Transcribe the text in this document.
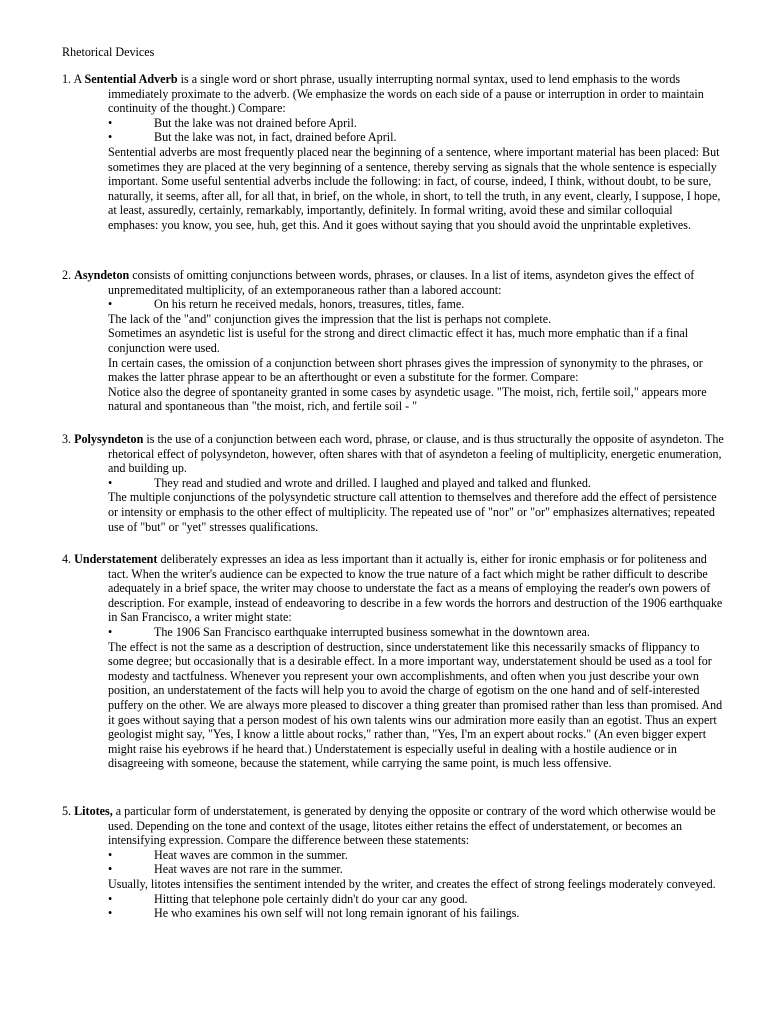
Rhetorical Devices

1. A Sentential Adverb is a single word or short phrase, usually interrupting normal syntax, used to lend emphasis to the words immediately proximate to the adverb. (We emphasize the words on each side of a pause or interruption in order to maintain continuity of the thought.) Compare:

•	But the lake was not drained before April.

•	But the lake was not, in fact, drained before April.

Sentential adverbs are most frequently placed near the beginning of a sentence, where important material has been placed: But sometimes they are placed at the very beginning of a sentence, thereby serving as signals that the whole sentence is especially important. Some useful sentential adverbs include the following: in fact, of course, indeed, I think, without doubt, to be sure, naturally, it seems, after all, for all that, in brief, on the whole, in short, to tell the truth, in any event, clearly, I suppose, I hope, at least, assuredly, certainly, remarkably, importantly, definitely. In formal writing, avoid these and similar colloquial emphases: you know, you see, huh, get this. And it goes without saying that you should avoid the unprintable expletives.

2. Asyndeton consists of omitting conjunctions between words, phrases, or clauses. In a list of items, asyndeton gives the effect of unpremeditated multiplicity, of an extemporaneous rather than a labored account:

•	On his return he received medals, honors, treasures, titles, fame.

The lack of the "and" conjunction gives the impression that the list is perhaps not complete.

Sometimes an asyndetic list is useful for the strong and direct climactic effect it has, much more emphatic than if a final conjunction were used.

In certain cases, the omission of a conjunction between short phrases gives the impression of synonymity to the phrases, or makes the latter phrase appear to be an afterthought or even a substitute for the former. Compare:

Notice also the degree of spontaneity granted in some cases by asyndetic usage. "The moist, rich, fertile soil," appears more natural and spontaneous than "the moist, rich, and fertile soil - "

3. Polysyndeton is the use of a conjunction between each word, phrase, or clause, and is thus structurally the opposite of asyndeton. The rhetorical effect of polysyndeton, however, often shares with that of asyndeton a feeling of multiplicity, energetic enumeration, and building up.

•	They read and studied and wrote and drilled. I laughed and played and talked and flunked.

The multiple conjunctions of the polysyndetic structure call attention to themselves and therefore add the effect of persistence or intensity or emphasis to the other effect of multiplicity. The repeated use of "nor" or "or" emphasizes alternatives; repeated use of "but" or "yet" stresses qualifications.

4. Understatement deliberately expresses an idea as less important than it actually is, either for ironic emphasis or for politeness and tact. When the writer's audience can be expected to know the true nature of a fact which might be rather difficult to describe adequately in a brief space, the writer may choose to understate the fact as a means of employing the reader's own powers of description. For example, instead of endeavoring to describe in a few words the horrors and destruction of the 1906 earthquake in San Francisco, a writer might state:

•	The 1906 San Francisco earthquake interrupted business somewhat in the downtown area.

The effect is not the same as a description of destruction, since understatement like this necessarily smacks of flippancy to some degree; but occasionally that is a desirable effect. In a more important way, understatement should be used as a tool for modesty and tactfulness. Whenever you represent your own accomplishments, and often when you just describe your own position, an understatement of the facts will help you to avoid the charge of egotism on the one hand and of self-interested puffery on the other. We are always more pleased to discover a thing greater than promised rather than less than promised. And it goes without saying that a person modest of his own talents wins our admiration more easily than an egotist. Thus an expert geologist might say, "Yes, I know a little about rocks," rather than, "Yes, I'm an expert about rocks." (An even bigger expert might raise his eyebrows if he heard that.) Understatement is especially useful in dealing with a hostile audience or in disagreeing with someone, because the statement, while carrying the same point, is much less offensive.

5. Litotes, a particular form of understatement, is generated by denying the opposite or contrary of the word which otherwise would be used. Depending on the tone and context of the usage, litotes either retains the effect of understatement, or becomes an intensifying expression. Compare the difference between these statements:

•	Heat waves are common in the summer.

•	Heat waves are not rare in the summer.

Usually, litotes intensifies the sentiment intended by the writer, and creates the effect of strong feelings moderately conveyed.

•	Hitting that telephone pole certainly didn't do your car any good.

•	He who examines his own self will not long remain ignorant of his failings.
